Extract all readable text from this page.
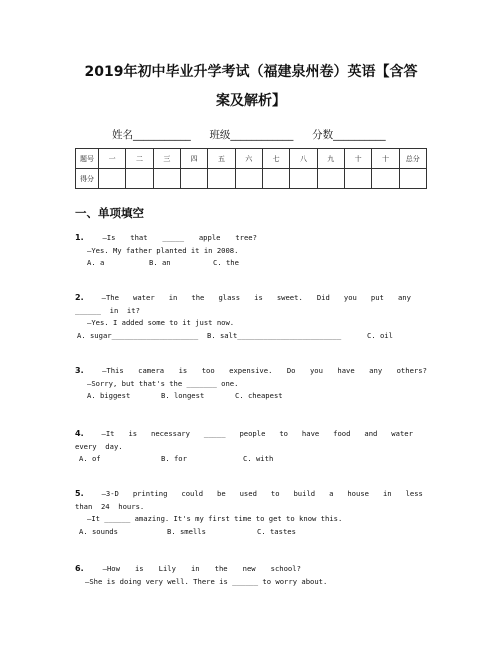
2019年初中毕业升学考试（福建泉州卷）英语【含答
案及解析】
姓名___________ 班级____________ 分数__________
题号	一	二	三	四	五	六	七	八	九	十	十	总分
得分												
一、单项填空
1.	—Is that _____ apple tree?
—Yes. My father planted it in 2008.
A. a	B. an	C. the
2.	—The water in the glass is sweet. Did you put any
______  in  it?
—Yes. I added some to it just now.
A. sugar____________________	B. salt________________________	C. oil
3.	—This camera is too expensive. Do you have any others?
—Sorry, but that's the _______ one.
A. biggest	B. longest	C. cheapest
4. —It is necessary _____ people to have food and water
every  day.
A. of	B. for	C. with
5. —3-D printing could be used to build a house in less
than  24  hours.
—It ______ amazing. It's my first time to get to know this.
A. sounds	B. smells	C. tastes
6.	—How is Lily in the new school?
—She is doing very well. There is ______ to worry about.
